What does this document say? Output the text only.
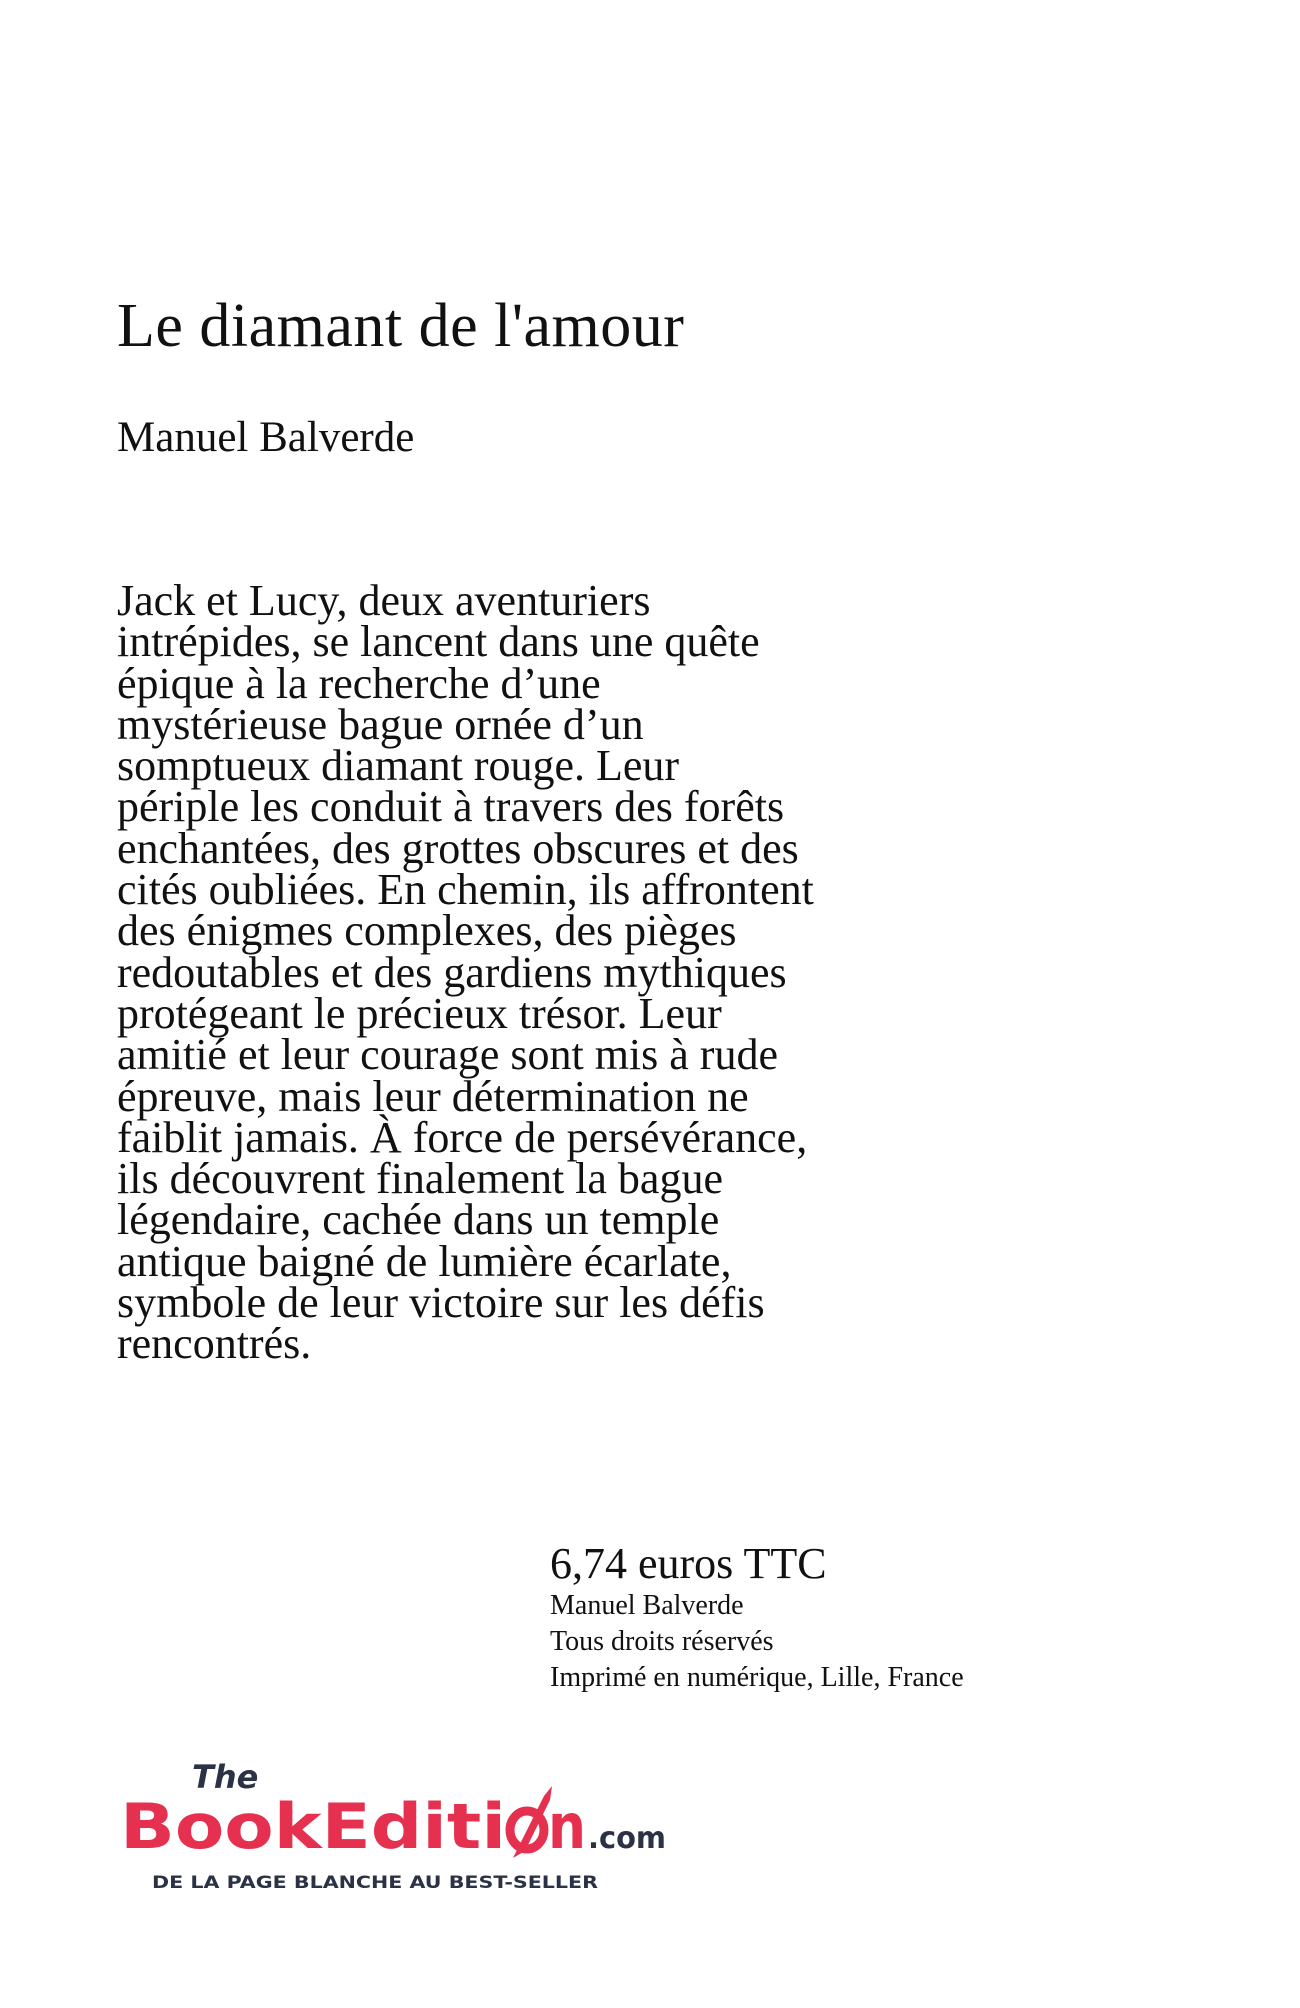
Le diamant de l'amour

Manuel Balverde

Jack et Lucy, deux aventuriers
intrépides, se lancent dans une quête
épique à la recherche d’une
mystérieuse bague ornée d’un
somptueux diamant rouge. Leur
périple les conduit à travers des forêts
enchantées, des grottes obscures et des
cités oubliées. En chemin, ils affrontent
des énigmes complexes, des pièges
redoutables et des gardiens mythiques
protégeant le précieux trésor. Leur
amitié et leur courage sont mis à rude
épreuve, mais leur détermination ne
faiblit jamais. À force de persévérance,
ils découvrent finalement la bague
légendaire, cachée dans un temple
antique baigné de lumière écarlate,
symbole de leur victoire sur les défis
rencontrés.
6,74 euros TTC
Manuel Balverde
Tous droits réservés
Imprimé en numérique, Lille, France
The
BookEditi n .com
DE LA PAGE BLANCHE AU BEST-SELLER
